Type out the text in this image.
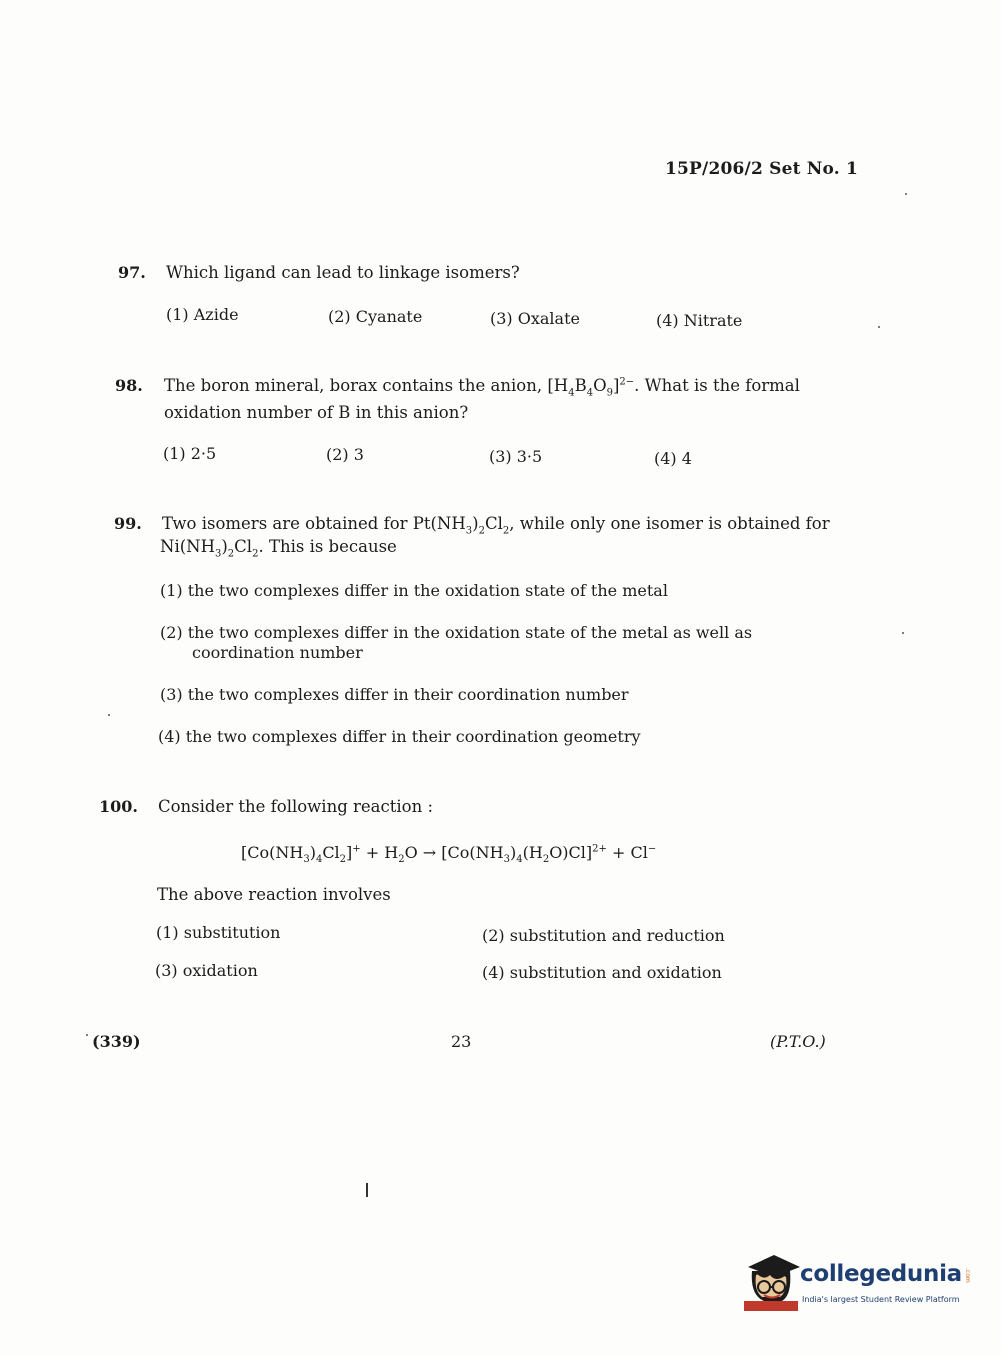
15P/206/2 Set No. 1
97. Which ligand can lead to linkage isomers?
(1) Azide	(2) Cyanate	(3) Oxalate	(4) Nitrate
98. The boron mineral, borax contains the anion, $[H_4B_4O_9]^{2-}$. What is the formal
oxidation number of B in this anion?
(1) 2·5	(2) 3	(3) 3·5	(4) 4
99. Two isomers are obtained for $Pt(NH_3)_2Cl_2$, while only one isomer is obtained for
$Ni(NH_3)_2Cl_2$. This is because
(1) the two complexes differ in the oxidation state of the metal
(2) the two complexes differ in the oxidation state of the metal as well as
coordination number
(3) the two complexes differ in their coordination number
(4) the two complexes differ in their coordination geometry
100. Consider the following reaction :
$[Co(NH_3)_4Cl_2]^+ + H_2O \to [Co(NH_3)_4(H_2O)Cl]^{2+} + Cl^-$
The above reaction involves
(1) substitution	(2) substitution and reduction
(3) oxidation	(4) substitution and oxidation
(339)	23	(P.T.O.)
collegedunia .com
India's largest Student Review Platform
